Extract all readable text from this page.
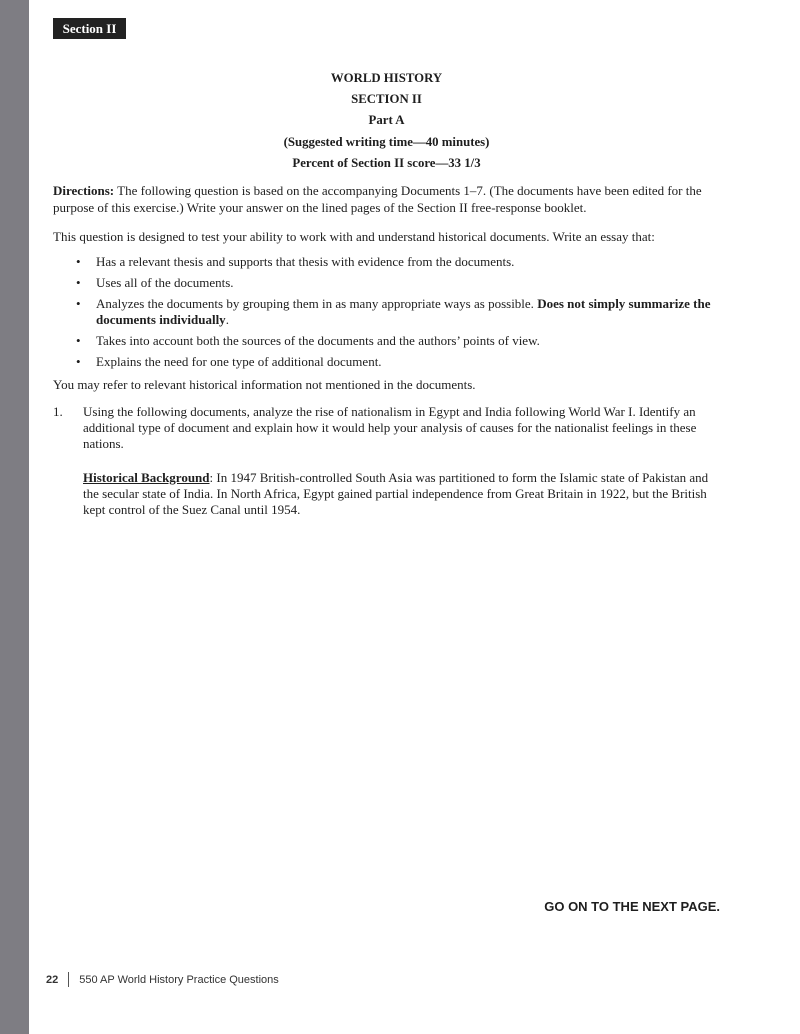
Section II
WORLD HISTORY
SECTION II
Part A
(Suggested writing time—40 minutes)
Percent of Section II score—33 1/3
Directions: The following question is based on the accompanying Documents 1–7. (The documents have been edited for the purpose of this exercise.) Write your answer on the lined pages of the Section II free-response booklet.
This question is designed to test your ability to work with and understand historical documents. Write an essay that:
• Has a relevant thesis and supports that thesis with evidence from the documents.
• Uses all of the documents.
• Analyzes the documents by grouping them in as many appropriate ways as possible. Does not simply summarize the documents individually.
• Takes into account both the sources of the documents and the authors’ points of view.
• Explains the need for one type of additional document.
You may refer to relevant historical information not mentioned in the documents.
1. Using the following documents, analyze the rise of nationalism in Egypt and India following World War I. Identify an additional type of document and explain how it would help your analysis of causes for the nationalist feelings in these nations.
Historical Background: In 1947 British-controlled South Asia was partitioned to form the Islamic state of Pakistan and the secular state of India. In North Africa, Egypt gained partial independence from Great Britain in 1922, but the British kept control of the Suez Canal until 1954.
GO ON TO THE NEXT PAGE.
22 550 AP World History Practice Questions
